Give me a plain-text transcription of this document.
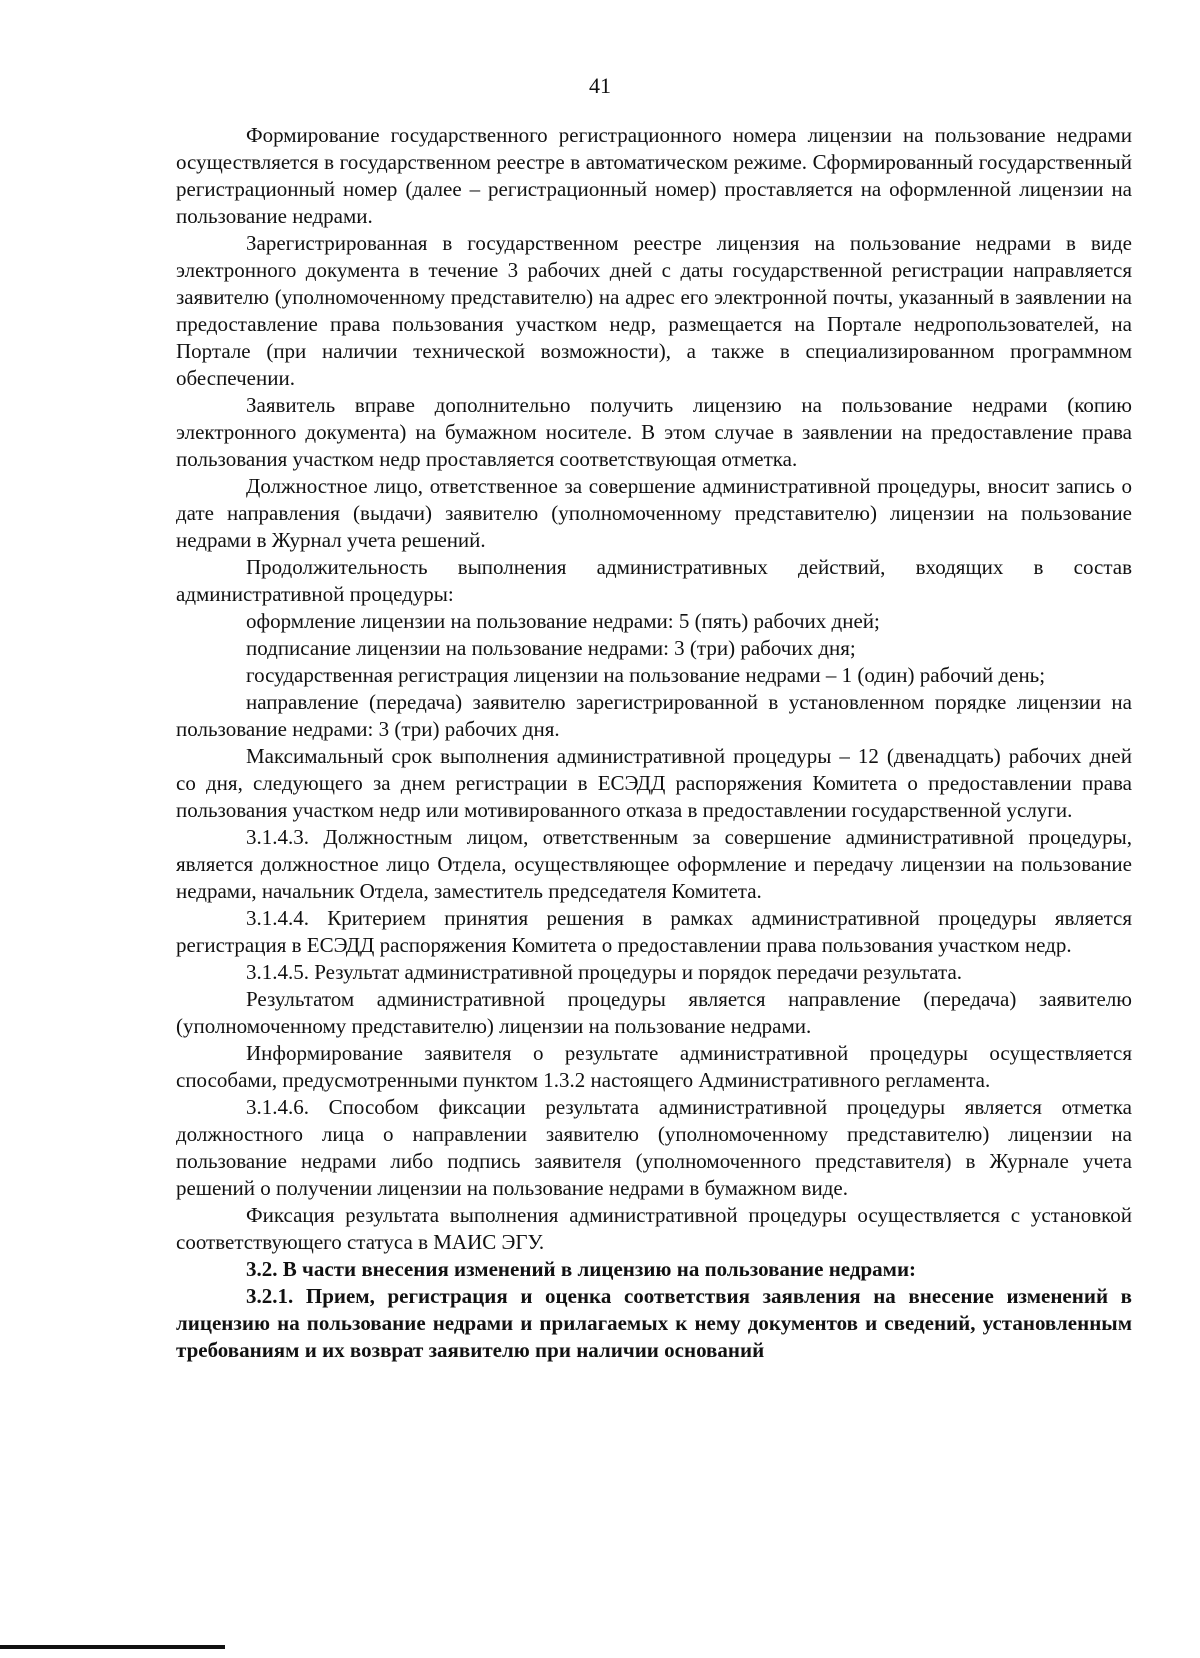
41

Формирование государственного регистрационного номера лицензии на пользование недрами осуществляется в государственном реестре в автоматическом режиме. Сформированный государственный регистрационный номер (далее – регистрационный номер) проставляется на оформленной лицензии на пользование недрами.

Зарегистрированная в государственном реестре лицензия на пользование недрами в виде электронного документа в течение 3 рабочих дней с даты государственной регистрации направляется заявителю (уполномоченному представителю) на адрес его электронной почты, указанный в заявлении на предоставление права пользования участком недр, размещается на Портале недропользователей, на Портале (при наличии технической возможности), а также в специализированном программном обеспечении.

Заявитель вправе дополнительно получить лицензию на пользование недрами (копию электронного документа) на бумажном носителе. В этом случае в заявлении на предоставление права пользования участком недр проставляется соответствующая отметка.

Должностное лицо, ответственное за совершение административной процедуры, вносит запись о дате направления (выдачи) заявителю (уполномоченному представителю) лицензии на пользование недрами в Журнал учета решений.

Продолжительность выполнения административных действий, входящих в состав административной процедуры:

оформление лицензии на пользование недрами: 5 (пять) рабочих дней;

подписание лицензии на пользование недрами: 3 (три) рабочих дня;

государственная регистрация лицензии на пользование недрами – 1 (один) рабочий день;

направление (передача) заявителю зарегистрированной в установленном порядке лицензии на пользование недрами: 3 (три) рабочих дня.

Максимальный срок выполнения административной процедуры – 12 (двенадцать) рабочих дней со дня, следующего за днем регистрации в ЕСЭДД распоряжения Комитета о предоставлении права пользования участком недр или мотивированного отказа в предоставлении государственной услуги.

3.1.4.3. Должностным лицом, ответственным за совершение административной процедуры, является должностное лицо Отдела, осуществляющее оформление и передачу лицензии на пользование недрами, начальник Отдела, заместитель председателя Комитета.

3.1.4.4. Критерием принятия решения в рамках административной процедуры является регистрация в ЕСЭДД распоряжения Комитета о предоставлении права пользования участком недр.

3.1.4.5. Результат административной процедуры и порядок передачи результата.

Результатом административной процедуры является направление (передача) заявителю (уполномоченному представителю) лицензии на пользование недрами.

Информирование заявителя о результате административной процедуры осуществляется способами, предусмотренными пунктом 1.3.2 настоящего Административного регламента.

3.1.4.6. Способом фиксации результата административной процедуры является отметка должностного лица о направлении заявителю (уполномоченному представителю) лицензии на пользование недрами либо подпись заявителя (уполномоченного представителя) в Журнале учета решений о получении лицензии на пользование недрами в бумажном виде.

Фиксация результата выполнения административной процедуры осуществляется с установкой соответствующего статуса в МАИС ЭГУ.

3.2. В части внесения изменений в лицензию на пользование недрами:

3.2.1. Прием, регистрация и оценка соответствия заявления на внесение изменений в лицензию на пользование недрами и прилагаемых к нему документов и сведений, установленным требованиям и их возврат заявителю при наличии оснований
